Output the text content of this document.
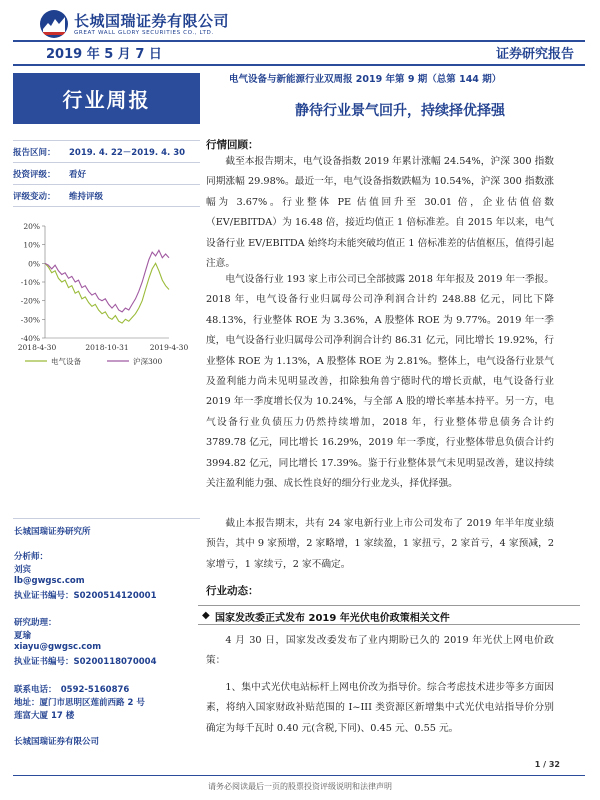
长城国瑞证券有限公司
GREAT WALL GLORY SECURITIES CO., LTD.
2019 年 5 月 7 日	证券研究报告
行业周报
电气设备与新能源行业双周报 2019 年第 9 期（总第 144 期）
静待行业景气回升，持续择优择强
报告区间： 2019. 4. 22－2019. 4. 30
投资评级： 看好
评级变动： 维持评级
20%
10%
0%
-10%
-20%
-30%
-40%
2018-4-30	2018-10-31	2019-4-30
电气设备	沪深300
长城国瑞证券研究所
分析师：
刘宾
lb@gwgsc.com
执业证书编号：S0200514120001
研究助理：
夏瑜
xiayu@gwgsc.com
执业证书编号：S0200118070004
联系电话：　0592-5160876
地址：厦门市思明区莲前西路 2 号
莲富大厦 17 楼
长城国瑞证券有限公司
行情回顾：
截至本报告期末，电气设备指数 2019 年累计涨幅 24.54%，沪深 300 指数同期涨幅 29.98%。最近一年，电气设备指数跌幅为 10.54%，沪深 300 指数涨幅为 3.67%。行业整体 PE 估值回升至 30.01 倍，企业估值倍数（EV/EBITDA）为 16.48 倍，接近均值正 1 倍标准差。自 2015 年以来，电气设备行业 EV/EBITDA 始终均未能突破均值正 1 倍标准差的估值枢压，值得引起注意。
电气设备行业 193 家上市公司已全部披露 2018 年年报及 2019 年一季报。2018 年，电气设备行业归属母公司净利润合计约 248.88 亿元，同比下降 48.13%，行业整体 ROE 为 3.36%，A 股整体 ROE 为 9.77%。2019 年一季度，电气设备行业归属母公司净利润合计约 86.31 亿元，同比增长 19.92%，行业整体 ROE 为 1.13%，A 股整体 ROE 为 2.81%。整体上，电气设备行业景气及盈利能力尚未见明显改善，扣除独角兽宁德时代的增长贡献，电气设备行业 2019 年一季度增长仅为 10.24%，与全部 A 股的增长率基本持平。另一方，电气设备行业负债压力仍然持续增加，2018 年，行业整体带息债务合计约 3789.78 亿元，同比增长 16.29%，2019 年一季度，行业整体带息负债合计约 3994.82 亿元，同比增长 17.39%。鉴于行业整体景气未见明显改善，建议持续关注盈利能力强、成长性良好的细分行业龙头，择优择强。
截止本报告期末，共有 24 家电新行业上市公司发布了 2019 年半年度业绩预告，其中 9 家预增，2 家略增，1 家续盈，1 家扭亏，2 家首亏，4 家预减，2 家增亏，1 家续亏，2 家不确定。
行业动态：
◆ 国家发改委正式发布 2019 年光伏电价政策相关文件
4 月 30 日，国家发改委发布了业内期盼已久的 2019 年光伏上网电价政策：
1、集中式光伏电站标杆上网电价改为指导价。综合考虑技术进步等多方面因素，将纳入国家财政补贴范围的 I~III 类资源区新增集中式光伏电站指导价分别确定为每千瓦时 0.40 元(含税,下同)、0.45 元、0.55 元。
1 / 32
请务必阅读最后一页的股票投资评级说明和法律声明
